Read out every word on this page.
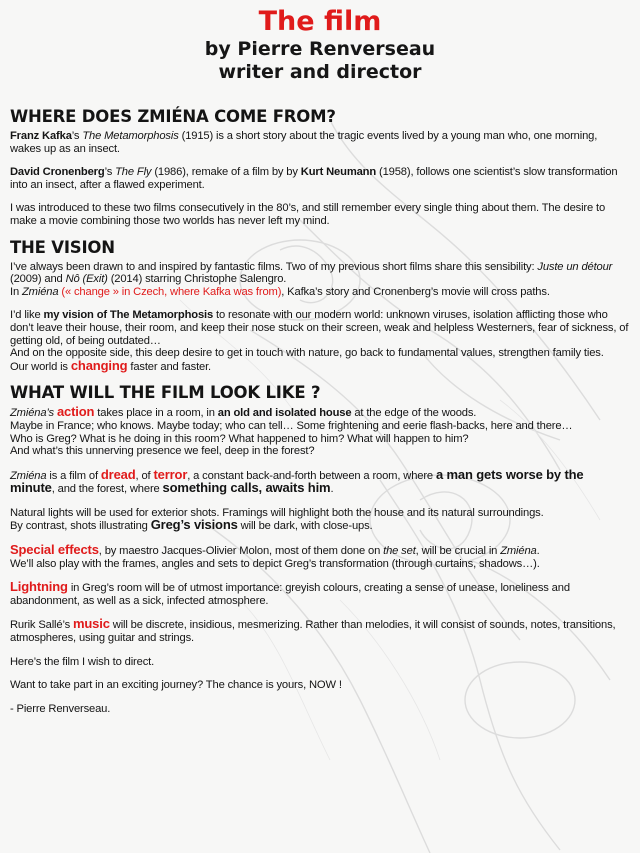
The film
by Pierre Renverseau
writer and director
WHERE DOES ZMIÉNA COME FROM?

Franz Kafka’s The Metamorphosis (1915) is a short story about the tragic events lived by a young man who, one morning, wakes up as an insect.

David Cronenberg’s The Fly (1986), remake of a film by by Kurt Neumann (1958), follows one scientist’s slow transformation into an insect, after a flawed experiment.

I was introduced to these two films consecutively in the 80’s, and still remember every single thing about them. The desire to make a movie combining those two worlds has never left my mind.

THE VISION

I’ve always been drawn to and inspired by fantastic films. Two of my previous short films share this sensibility: Juste un détour (2009) and Nô (Exit) (2014) starring Christophe Salengro.

In Zmiéna (« change » in Czech, where Kafka was from), Kafka’s story and Cronenberg’s movie will cross paths.

I’d like my vision of The Metamorphosis to resonate with our modern world: unknown viruses, isolation afflicting those who don’t leave their house, their room, and keep their nose stuck on their screen, weak and helpless Westerners, fear of sickness, of getting old, of being outdated…

And on the opposite side, this deep desire to get in touch with nature, go back to fundamental values, strengthen family ties.

Our world is changing faster and faster.

WHAT WILL THE FILM LOOK LIKE ?

Zmiéna’s action takes place in a room, in an old and isolated house at the edge of the woods.

Maybe in France; who knows. Maybe today; who can tell… Some frightening and eerie flash-backs, here and there…

Who is Greg? What is he doing in this room? What happened to him? What will happen to him?

And what’s this unnerving presence we feel, deep in the forest?

Zmiéna is a film of dread, of terror, a constant back-and-forth between a room, where a man gets worse by the minute, and the forest, where something calls, awaits him.

Natural lights will be used for exterior shots. Framings will highlight both the house and its natural surroundings.

By contrast, shots illustrating Greg’s visions will be dark, with close-ups.

Special effects, by maestro Jacques-Olivier Molon, most of them done on the set, will be crucial in Zmiéna.

We’ll also play with the frames, angles and sets to depict Greg’s transformation (through curtains, shadows…).

Lightning in Greg’s room will be of utmost importance: greyish colours, creating a sense of unease, loneliness and abandonment, as well as a sick, infected atmosphere.

Rurik Sallé’s music will be discrete, insidious, mesmerizing. Rather than melodies, it will consist of sounds, notes, transitions, atmospheres, using guitar and strings.

Here’s the film I wish to direct.

Want to take part in an exciting journey? The chance is yours, NOW !

- Pierre Renverseau.
